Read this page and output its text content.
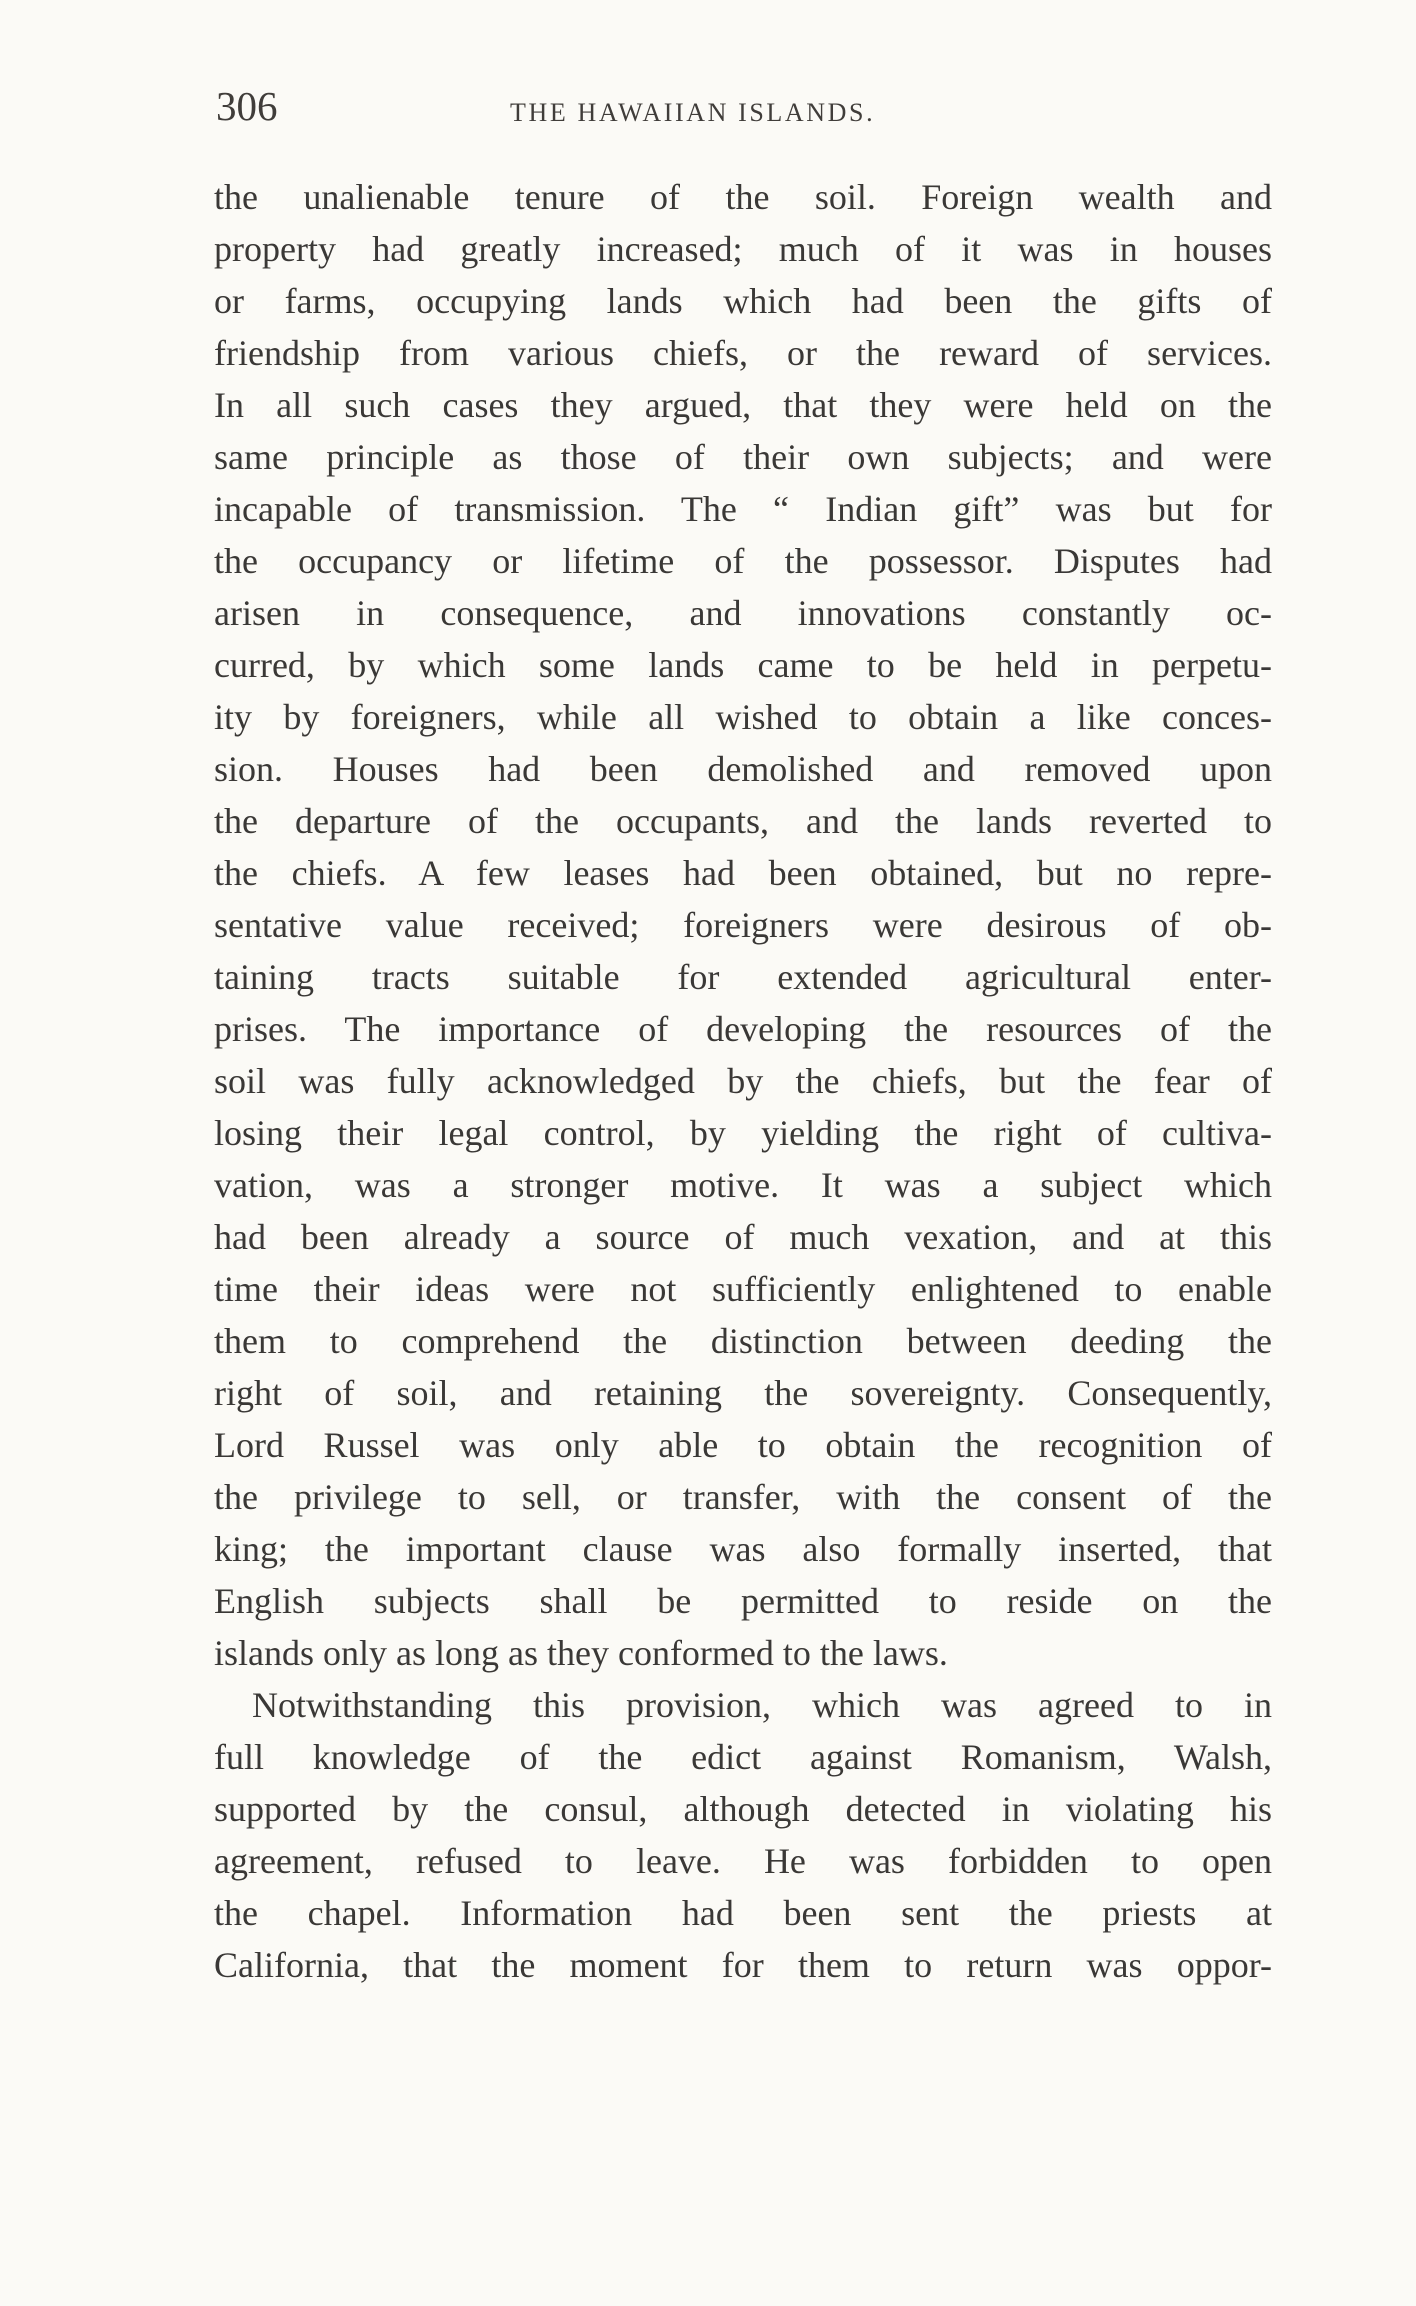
306	THE HAWAIIAN ISLANDS.
the unalienable tenure of the soil. Foreign wealth and
property had greatly increased; much of it was in houses
or farms, occupying lands which had been the gifts of
friendship from various chiefs, or the reward of services.
In all such cases they argued, that they were held on the
same principle as those of their own subjects; and were
incapable of transmission. The “ Indian gift” was but for
the occupancy or lifetime of the possessor. Disputes had
arisen in consequence, and innovations constantly oc-
curred, by which some lands came to be held in perpetu-
ity by foreigners, while all wished to obtain a like conces-
sion. Houses had been demolished and removed upon
the departure of the occupants, and the lands reverted to
the chiefs. A few leases had been obtained, but no repre-
sentative value received; foreigners were desirous of ob-
taining tracts suitable for extended agricultural enter-
prises. The importance of developing the resources of the
soil was fully acknowledged by the chiefs, but the fear of
losing their legal control, by yielding the right of cultiva-
vation, was a stronger motive. It was a subject which
had been already a source of much vexation, and at this
time their ideas were not sufficiently enlightened to enable
them to comprehend the distinction between deeding the
right of soil, and retaining the sovereignty. Consequently,
Lord Russel was only able to obtain the recognition of
the privilege to sell, or transfer, with the consent of the
king; the important clause was also formally inserted, that
English subjects shall be permitted to reside on the
islands only as long as they conformed to the laws.
Notwithstanding this provision, which was agreed to in
full knowledge of the edict against Romanism, Walsh,
supported by the consul, although detected in violating his
agreement, refused to leave. He was forbidden to open
the chapel. Information had been sent the priests at
California, that the moment for them to return was oppor-
